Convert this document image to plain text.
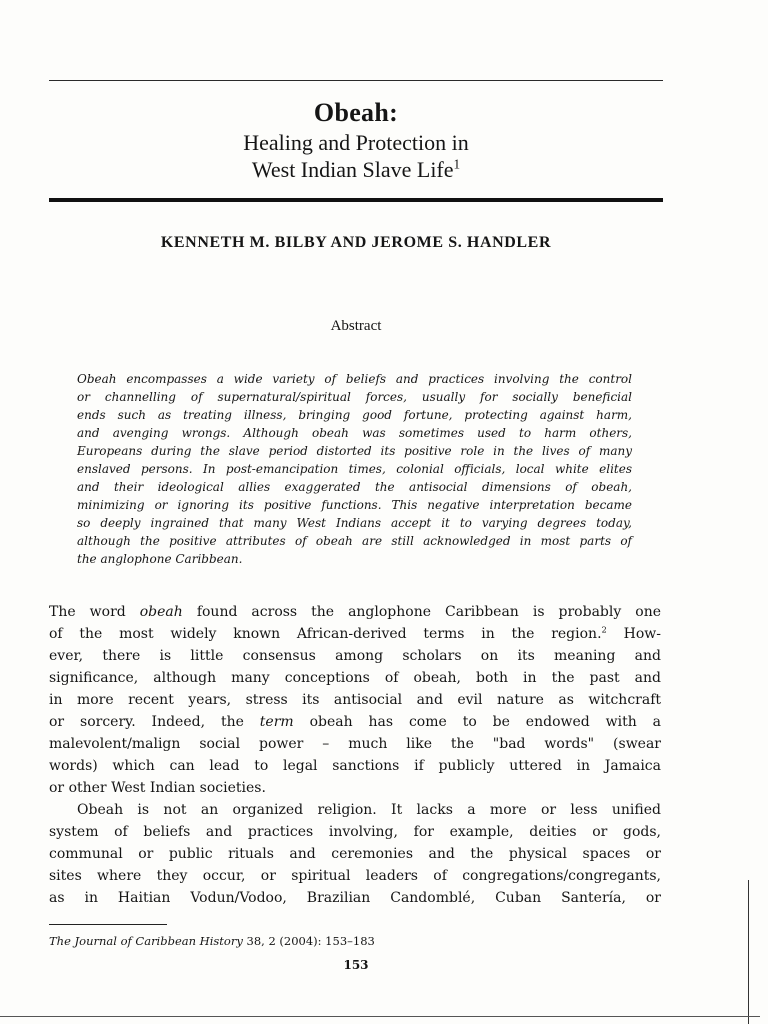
Obeah:
Healing and Protection in
West Indian Slave Life$^1$
KENNETH M. BILBY AND JEROME S. HANDLER
Abstract
Obeah encompasses a wide variety of beliefs and practices involving the control
or channelling of supernatural/spiritual forces, usually for socially beneficial
ends such as treating illness, bringing good fortune, protecting against harm,
and avenging wrongs. Although obeah was sometimes used to harm others,
Europeans during the slave period distorted its positive role in the lives of many
enslaved persons. In post-emancipation times, colonial officials, local white elites
and their ideological allies exaggerated the antisocial dimensions of obeah,
minimizing or ignoring its positive functions. This negative interpretation became
so deeply ingrained that many West Indians accept it to varying degrees today,
although the positive attributes of obeah are still acknowledged in most parts of
the anglophone Caribbean.
The word obeah found across the anglophone Caribbean is probably one
of the most widely known African-derived terms in the region.$^2$ How-
ever, there is little consensus among scholars on its meaning and
significance, although many conceptions of obeah, both in the past and
in more recent years, stress its antisocial and evil nature as witchcraft
or sorcery. Indeed, the term obeah has come to be endowed with a
malevolent/malign social power – much like the "bad words" (swear
words) which can lead to legal sanctions if publicly uttered in Jamaica
or other West Indian societies.
Obeah is not an organized religion. It lacks a more or less unified
system of beliefs and practices involving, for example, deities or gods,
communal or public rituals and ceremonies and the physical spaces or
sites where they occur, or spiritual leaders of congregations/congregants,
as in Haitian Vodun/Vodoo, Brazilian Candomblé, Cuban Santería, or
The Journal of Caribbean History 38, 2 (2004): 153–183
153
